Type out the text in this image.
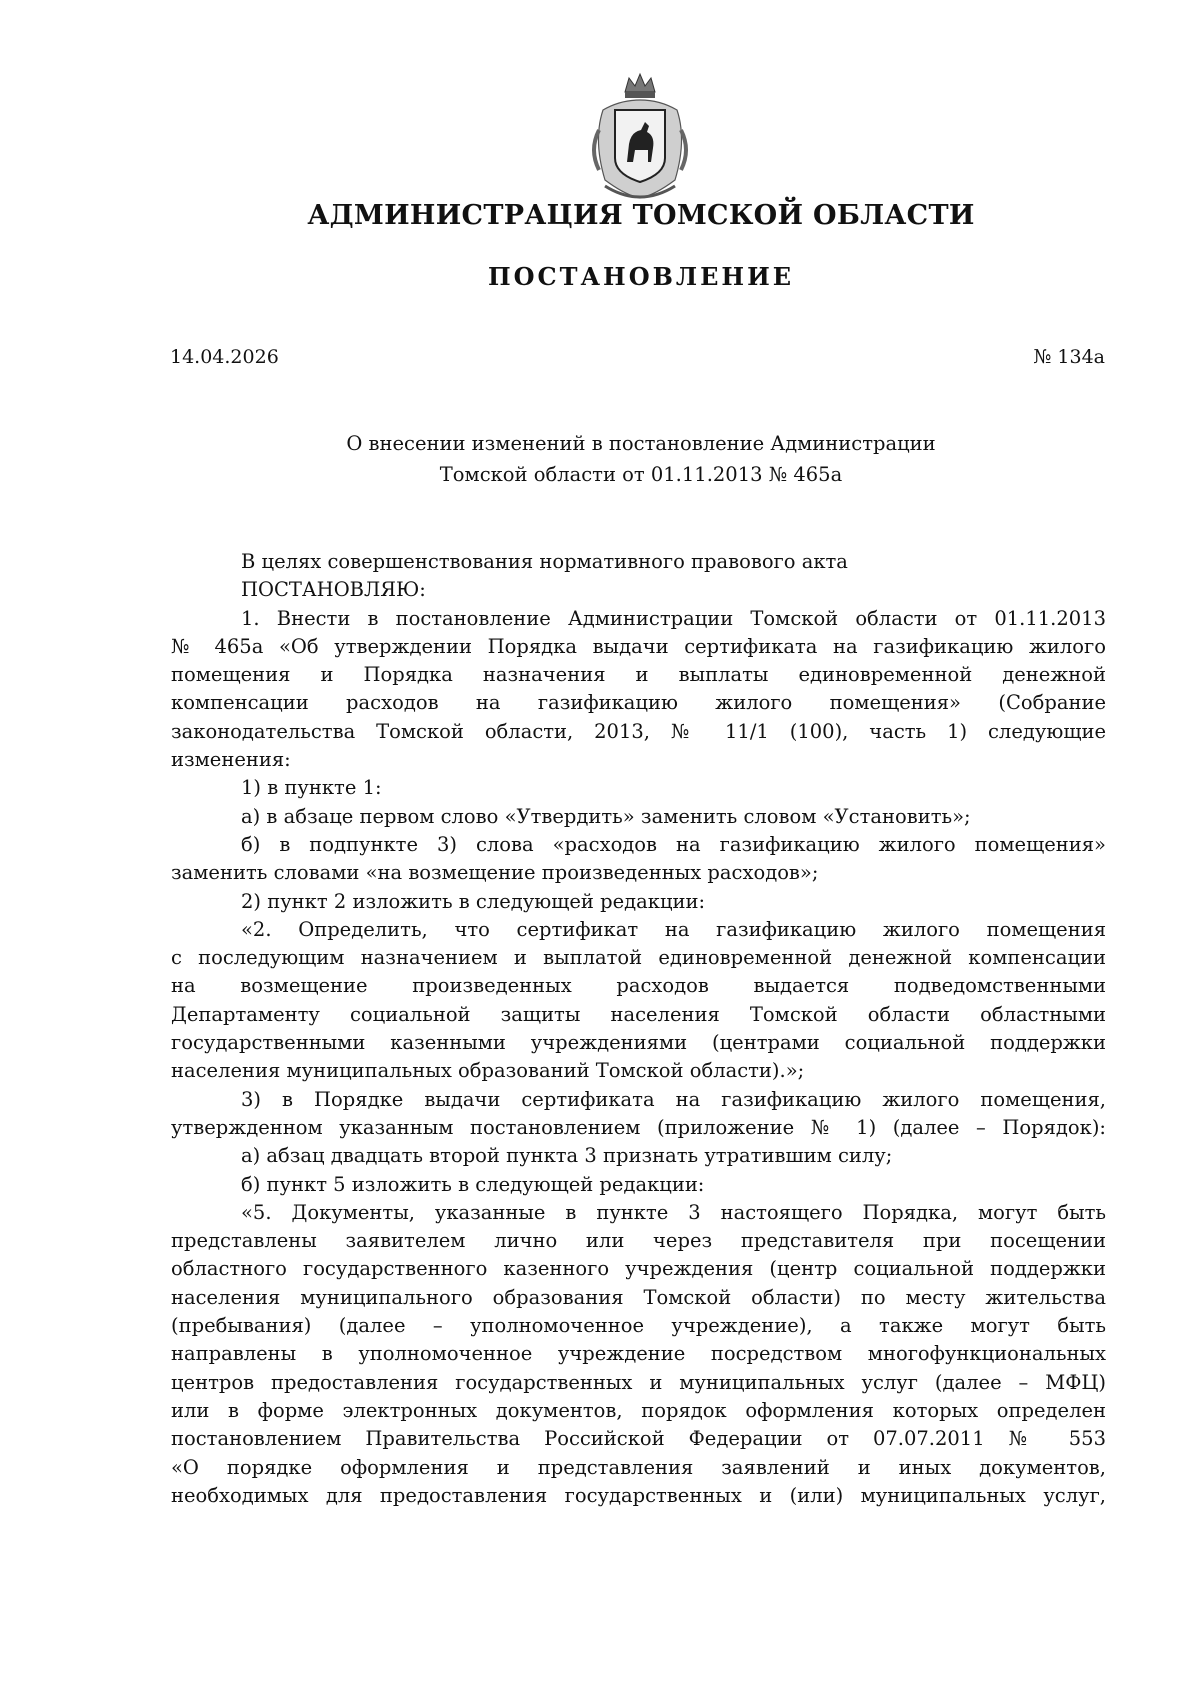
АДМИНИСТРАЦИЯ ТОМСКОЙ ОБЛАСТИ
ПОСТАНОВЛЕНИЕ
14.04.2026	№ 134а
О внесении изменений в постановление Администрации
Томской области от 01.11.2013 № 465а
В целях совершенствования нормативного правового акта
ПОСТАНОВЛЯЮ:
1. Внести в постановление Администрации Томской области от 01.11.2013
№ 465а «Об утверждении Порядка выдачи сертификата на газификацию жилого
помещения и Порядка назначения и выплаты единовременной денежной
компенсации расходов на газификацию жилого помещения» (Собрание
законодательства Томской области, 2013, № 11/1 (100), часть 1) следующие
изменения:
1) в пункте 1:
а) в абзаце первом слово «Утвердить» заменить словом «Установить»;
б) в подпункте 3) слова «расходов на газификацию жилого помещения»
заменить словами «на возмещение произведенных расходов»;
2) пункт 2 изложить в следующей редакции:
«2. Определить, что сертификат на газификацию жилого помещения
с последующим назначением и выплатой единовременной денежной компенсации
на возмещение произведенных расходов выдается подведомственными
Департаменту социальной защиты населения Томской области областными
государственными казенными учреждениями (центрами социальной поддержки
населения муниципальных образований Томской области).»;
3) в Порядке выдачи сертификата на газификацию жилого помещения,
утвержденном указанным постановлением (приложение № 1) (далее – Порядок):
а) абзац двадцать второй пункта 3 признать утратившим силу;
б) пункт 5 изложить в следующей редакции:
«5. Документы, указанные в пункте 3 настоящего Порядка, могут быть
представлены заявителем лично или через представителя при посещении
областного государственного казенного учреждения (центр социальной поддержки
населения муниципального образования Томской области) по месту жительства
(пребывания) (далее – уполномоченное учреждение), а также могут быть
направлены в уполномоченное учреждение посредством многофункциональных
центров предоставления государственных и муниципальных услуг (далее – МФЦ)
или в форме электронных документов, порядок оформления которых определен
постановлением Правительства Российской Федерации от 07.07.2011 № 553
«О порядке оформления и представления заявлений и иных документов,
необходимых для предоставления государственных и (или) муниципальных услуг,
